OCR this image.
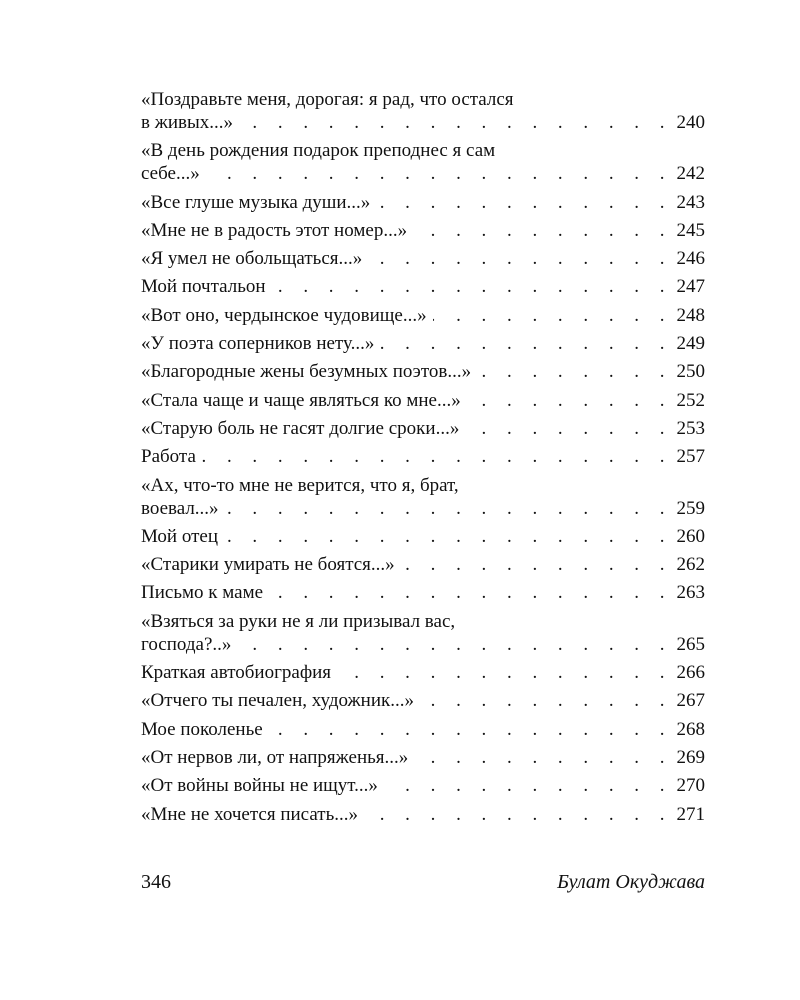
«Поздравьте меня, дорогая: я рад, что остался
в живых...» . . .	240
«В день рождения подарок преподнес я сам
себе...» . . .	242
«Все глуше музыка души...» . . .	243
«Мне не в радость этот номер...» . . .	245
«Я умел не обольщаться...» . . .	246
Мой почтальон . . .	247
«Вот оно, чердынское чудовище...» . . .	248
«У поэта соперников нету...» . . .	249
«Благородные жены безумных поэтов...» . . .	250
«Стала чаще и чаще являться ко мне...» . . .	252
«Старую боль не гасят долгие сроки...» . . .	253
Работа . . .	257
«Ах, что-то мне не верится, что я, брат,
воевал...» . . .	259
Мой отец . . .	260
«Старики умирать не боятся...» . . .	262
Письмо к маме . . .	263
«Взяться за руки не я ли призывал вас,
господа?..» . . .	265
Краткая автобиография . . .	266
«Отчего ты печален, художник...» . . .	267
Мое поколенье . . .	268
«От нервов ли, от напряженья...» . . .	269
«От войны войны не ищут...» . . .	270
«Мне не хочется писать...» . . .	271
346	Булат Окуджава
